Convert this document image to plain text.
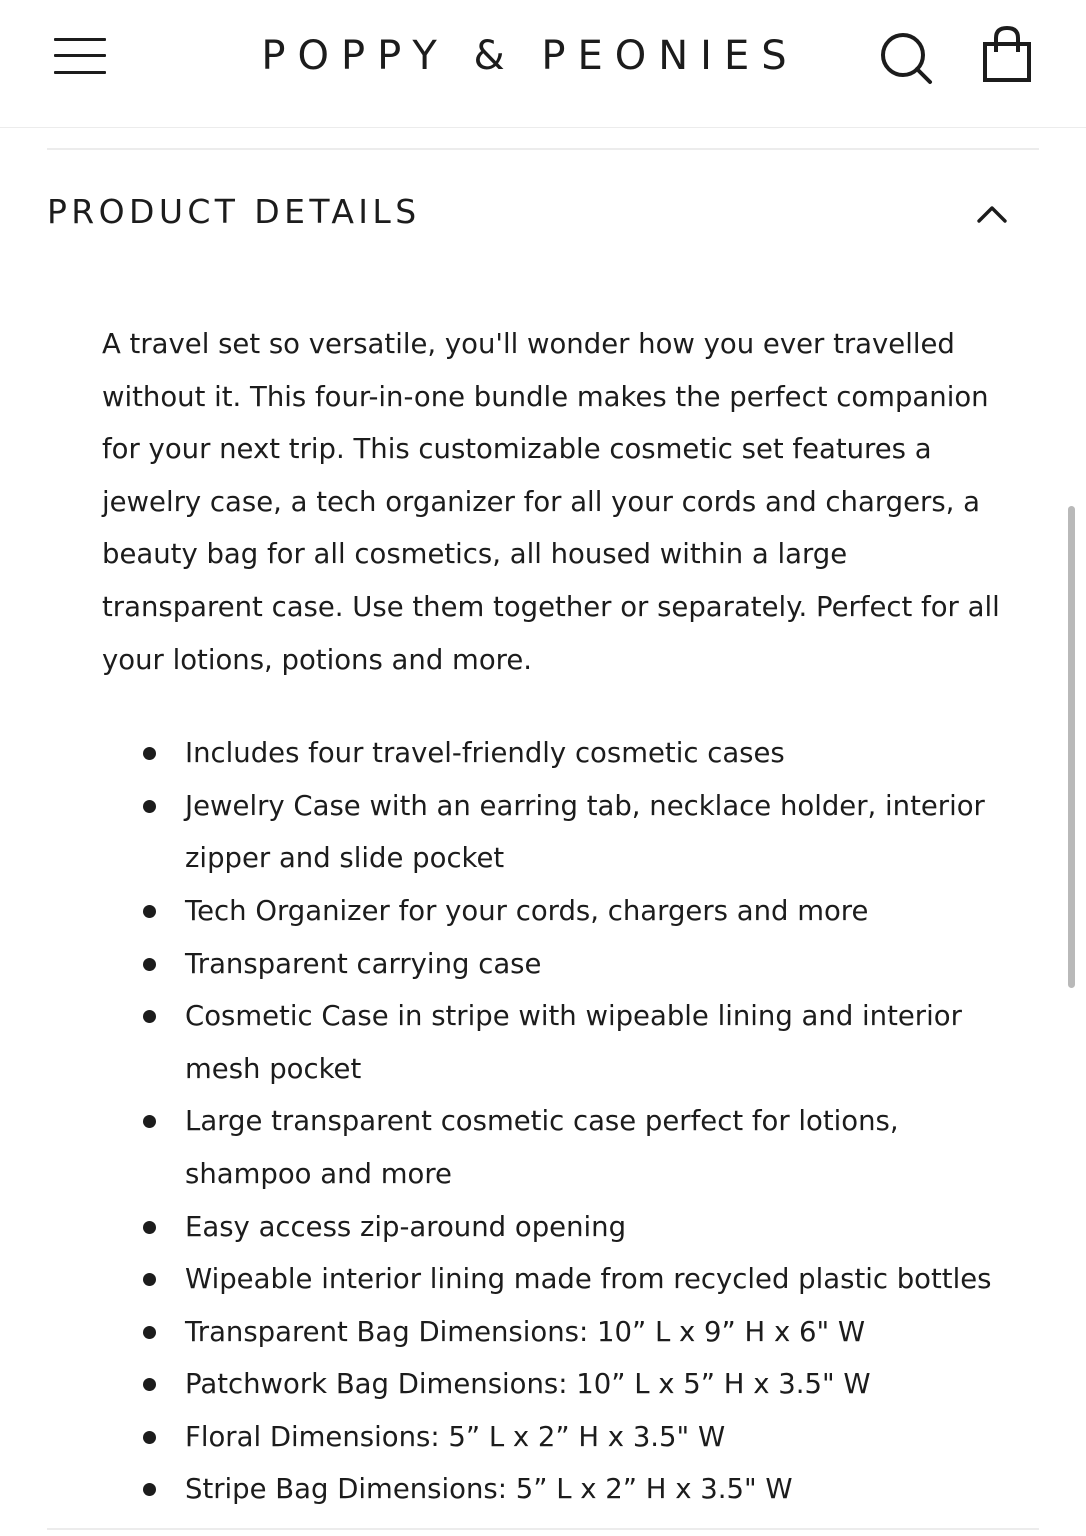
POPPY & PEONIES
PRODUCT DETAILS

A travel set so versatile, you'll wonder how you ever travelled without it. This four-in-one bundle makes the perfect companion for your next trip. This customizable cosmetic set features a jewelry case, a tech organizer for all your cords and chargers, a beauty bag for all cosmetics, all housed within a large transparent case. Use them together or separately. Perfect for all your lotions, potions and more.

Includes four travel-friendly cosmetic cases
Jewelry Case with an earring tab, necklace holder, interior zipper and slide pocket
Tech Organizer for your cords, chargers and more
Transparent carrying case
Cosmetic Case in stripe with wipeable lining and interior mesh pocket
Large transparent cosmetic case perfect for lotions, shampoo and more
Easy access zip-around opening
Wipeable interior lining made from recycled plastic bottles
Transparent Bag Dimensions: 10” L x 9” H x 6" W
Patchwork Bag Dimensions: 10” L x 5” H x 3.5" W
Floral Dimensions: 5” L x 2” H x 3.5" W
Stripe Bag Dimensions: 5” L x 2” H x 3.5" W
